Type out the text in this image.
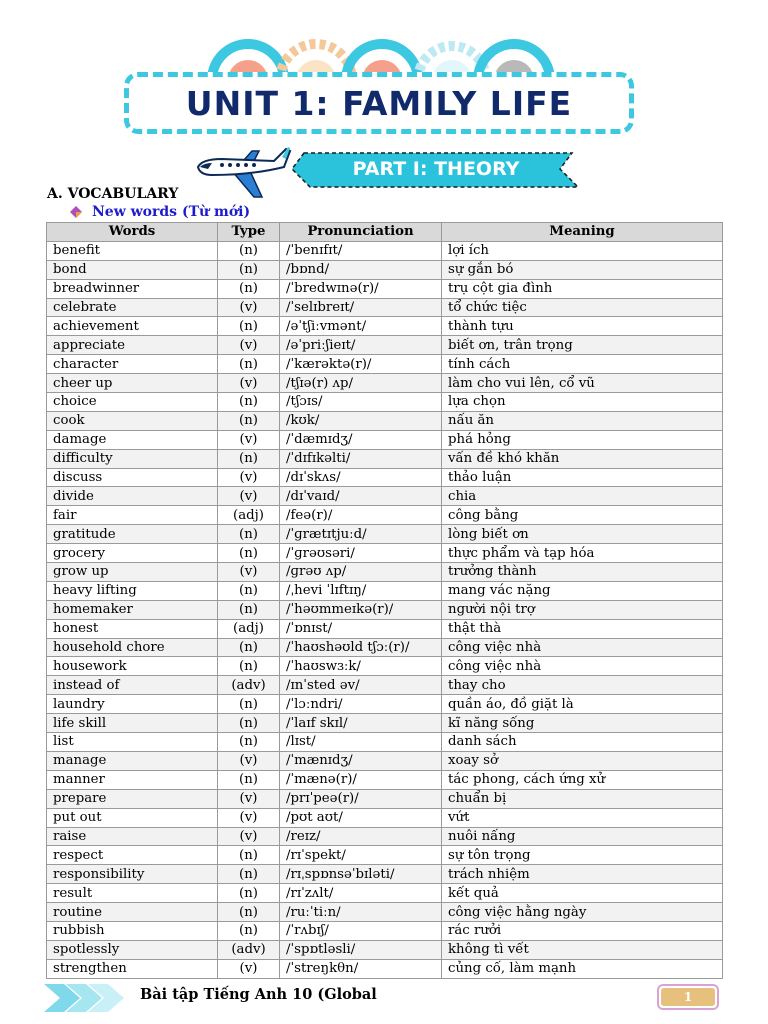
UNIT 1: FAMILY LIFE
PART I: THEORY
A. VOCABULARY
New words (Từ mới)
Words	Type	Pronunciation	Meaning
benefit	(n)	/ˈbenɪfɪt/	lợi ích
bond	(n)	/bɒnd/	sự gắn bó
breadwinner	(n)	/ˈbredwɪnə(r)/	trụ cột gia đình
celebrate	(v)	/ˈselɪbreɪt/	tổ chức tiệc
achievement	(n)	/əˈtʃiːvmənt/	thành tựu
appreciate	(v)	/əˈpriːʃieɪt/	biết ơn, trân trọng
character	(n)	/ˈkærəktə(r)/	tính cách
cheer up	(v)	/tʃɪə(r) ʌp/	làm cho vui lên, cổ vũ
choice	(n)	/tʃɔɪs/	lựa chọn
cook	(n)	/kʊk/	nấu ăn
damage	(v)	/ˈdæmɪdʒ/	phá hỏng
difficulty	(n)	/ˈdɪfɪkəlti/	vấn đề khó khăn
discuss	(v)	/dɪˈskʌs/	thảo luận
divide	(v)	/dɪˈvaɪd/	chia
fair	(adj)	/feə(r)/	công bằng
gratitude	(n)	/ˈɡrætɪtjuːd/	lòng biết ơn
grocery	(n)	/ˈɡrəʊsəri/	thực phẩm và tạp hóa
grow up	(v)	/ɡrəʊ ʌp/	trưởng thành
heavy lifting	(n)	/ˌhevi ˈlɪftɪŋ/	mang vác nặng
homemaker	(n)	/ˈhəʊmmeɪkə(r)/	người nội trợ
honest	(adj)	/ˈɒnɪst/	thật thà
household chore	(n)	/ˈhaʊshəʊld tʃɔː(r)/	công việc nhà
housework	(n)	/ˈhaʊswɜːk/	công việc nhà
instead of	(adv)	/ɪnˈsted əv/	thay cho
laundry	(n)	/ˈlɔːndri/	quần áo, đồ giặt là
life skill	(n)	/ˈlaɪf skɪl/	kĩ năng sống
list	(n)	/lɪst/	danh sách
manage	(v)	/ˈmænɪdʒ/	xoay sở
manner	(n)	/ˈmænə(r)/	tác phong, cách ứng xử
prepare	(v)	/prɪˈpeə(r)/	chuẩn bị
put out	(v)	/pʊt aʊt/	vứt
raise	(v)	/reɪz/	nuôi nấng
respect	(n)	/rɪˈspekt/	sự tôn trọng
responsibility	(n)	/rɪˌspɒnsəˈbɪləti/	trách nhiệm
result	(n)	/rɪˈzʌlt/	kết quả
routine	(n)	/ruːˈtiːn/	công việc hằng ngày
rubbish	(n)	/ˈrʌbɪʃ/	rác rưởi
spotlessly	(adv)	/ˈspɒtləsli/	không tì vết
strengthen	(v)	/ˈstreŋkθn/	củng cố, làm mạnh
Bài tập Tiếng Anh 10 (Global	1
